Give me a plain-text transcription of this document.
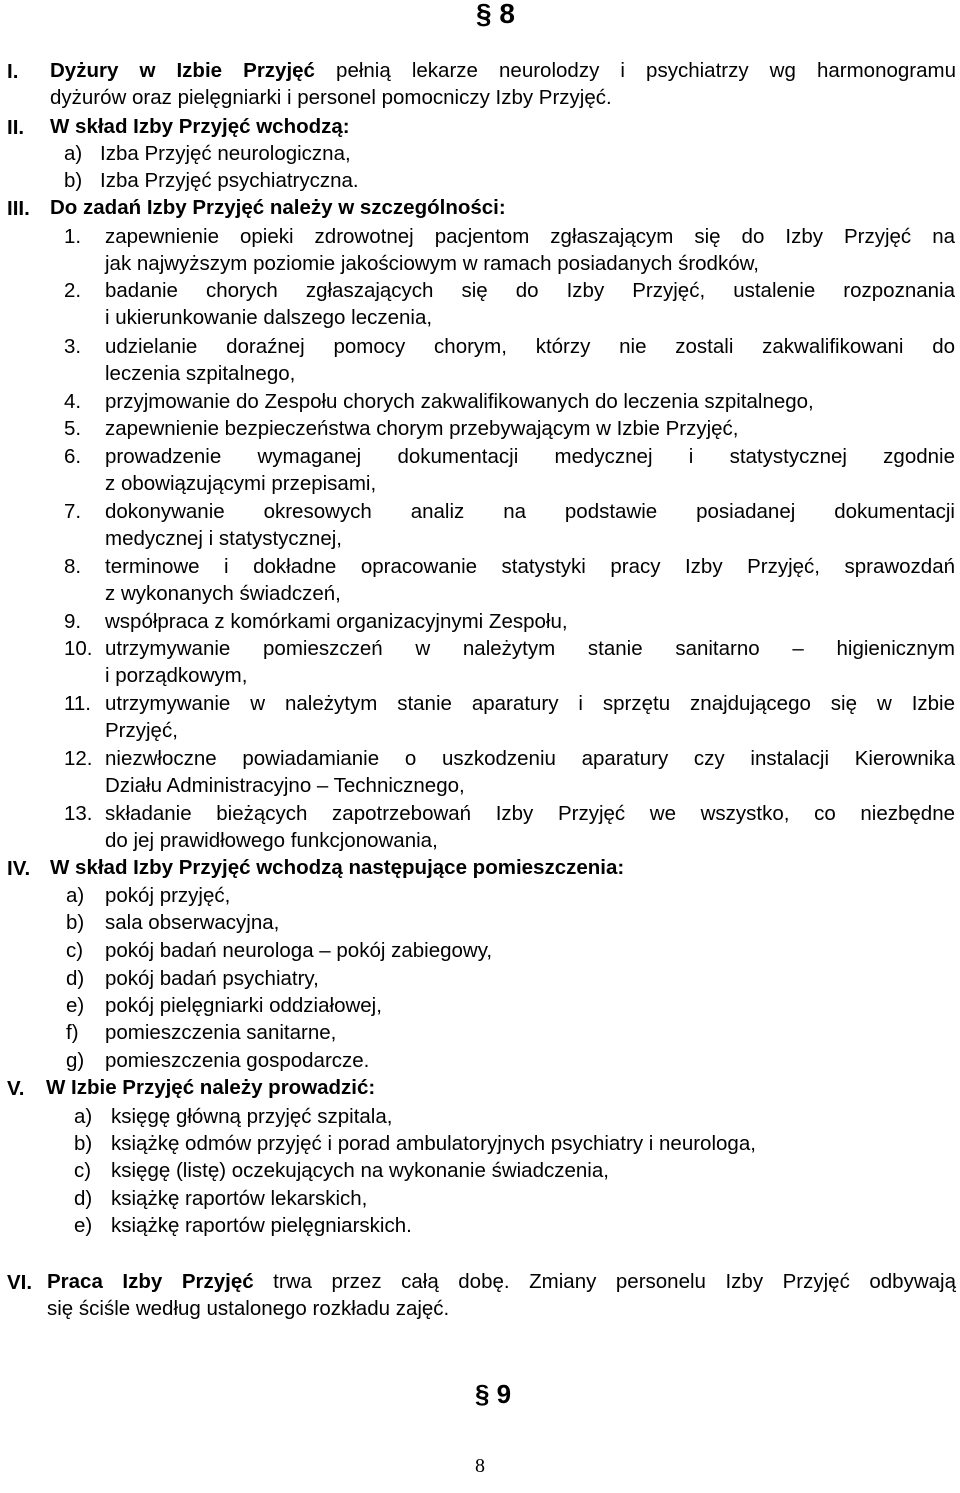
§ 8
I. Dyżury w Izbie Przyjęć pełnią lekarze neurolodzy i psychiatrzy wg harmonogramu
dyżurów oraz pielęgniarki i personel pomocniczy Izby Przyjęć.
II. W skład Izby Przyjęć wchodzą:
a) Izba Przyjęć neurologiczna,
b) Izba Przyjęć psychiatryczna.
III. Do zadań Izby Przyjęć należy w szczególności:
1. zapewnienie opieki zdrowotnej pacjentom zgłaszającym się do Izby Przyjęć na
jak najwyższym poziomie jakościowym w ramach posiadanych środków,
2. badanie chorych zgłaszających się do Izby Przyjęć, ustalenie rozpoznania
i ukierunkowanie dalszego leczenia,
3. udzielanie doraźnej pomocy chorym, którzy nie zostali zakwalifikowani do
leczenia szpitalnego,
4. przyjmowanie do Zespołu chorych zakwalifikowanych do leczenia szpitalnego,
5. zapewnienie bezpieczeństwa chorym przebywającym w Izbie Przyjęć,
6. prowadzenie wymaganej dokumentacji medycznej i statystycznej zgodnie
z obowiązującymi przepisami,
7. dokonywanie okresowych analiz na podstawie posiadanej dokumentacji
medycznej i statystycznej,
8. terminowe i dokładne opracowanie statystyki pracy Izby Przyjęć, sprawozdań
z wykonanych świadczeń,
9. współpraca z komórkami organizacyjnymi Zespołu,
10. utrzymywanie pomieszczeń w należytym stanie sanitarno – higienicznym
i porządkowym,
11. utrzymywanie w należytym stanie aparatury i sprzętu znajdującego się w Izbie
Przyjęć,
12. niezwłoczne powiadamianie o uszkodzeniu aparatury czy instalacji Kierownika
Działu Administracyjno – Technicznego,
13. składanie bieżących zapotrzebowań Izby Przyjęć we wszystko, co niezbędne
do jej prawidłowego funkcjonowania,
IV. W skład Izby Przyjęć wchodzą następujące pomieszczenia:
a) pokój przyjęć,
b) sala obserwacyjna,
c) pokój badań neurologa – pokój zabiegowy,
d) pokój badań psychiatry,
e) pokój pielęgniarki oddziałowej,
f) pomieszczenia sanitarne,
g) pomieszczenia gospodarcze.
V. W Izbie Przyjęć należy prowadzić:
a) księgę główną przyjęć szpitala,
b) książkę odmów przyjęć i porad ambulatoryjnych psychiatry i neurologa,
c) księgę (listę) oczekujących na wykonanie świadczenia,
d) książkę raportów lekarskich,
e) książkę raportów pielęgniarskich.
VI. Praca Izby Przyjęć trwa przez całą dobę. Zmiany personelu Izby Przyjęć odbywają
się ściśle według ustalonego rozkładu zajęć.
§ 9
8
